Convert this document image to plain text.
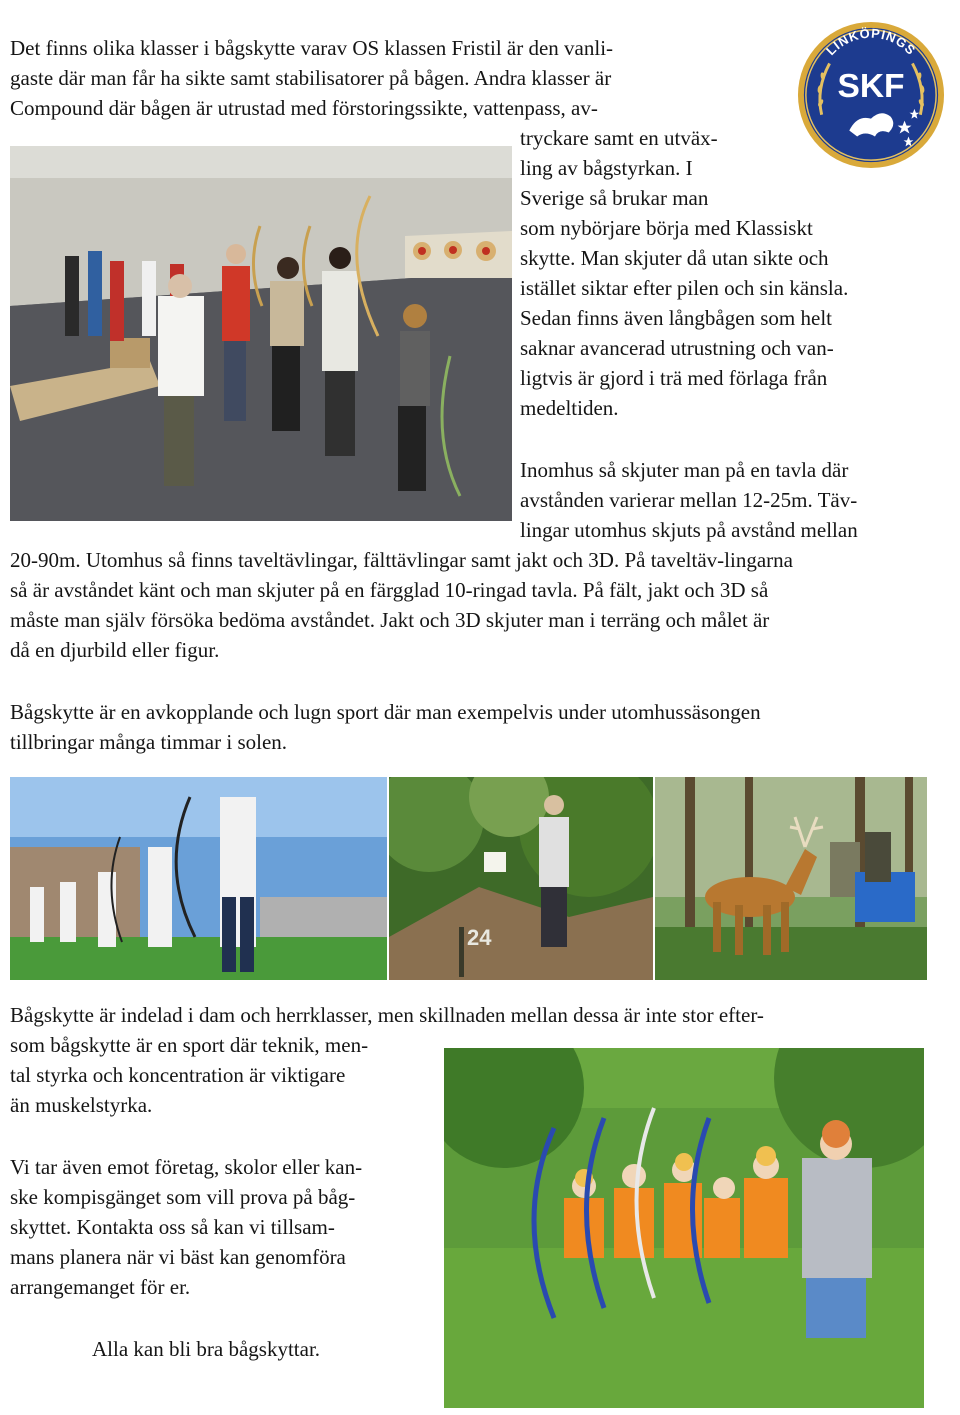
LINKÖPINGS
SKF
Det finns olika klasser i bågskytte varav OS klassen Fristil är den vanli-
gaste där man får ha sikte samt stabilisatorer på bågen. Andra klasser är
Compound där bågen är utrustad med förstoringssikte, vattenpass, av-
tryckare samt en utväx-
ling av bågstyrkan. I
Sverige så brukar man
som nybörjare börja med Klassiskt
skytte. Man skjuter då utan sikte och
istället siktar efter pilen och sin känsla.
Sedan finns även långbågen som helt
saknar avancerad utrustning och van-
ligtvis är gjord i trä med förlaga från
medeltiden.
Inomhus så skjuter man på en tavla där
avstånden varierar mellan 12-25m. Täv-
lingar utomhus skjuts på avstånd mellan
20-90m. Utomhus så finns taveltävlingar, fälttävlingar samt jakt och 3D. På taveltäv-lingarna
så är avståndet känt och man skjuter på en färgglad 10-ringad tavla. På fält, jakt och 3D så
måste man själv försöka bedöma avståndet. Jakt och 3D skjuter man i terräng och målet är
då en djurbild eller figur.
Bågskytte är en avkopplande och lugn sport där man exempelvis under utomhussäsongen
tillbringar många timmar i solen.
24
Bågskytte är indelad i dam och herrklasser, men skillnaden mellan dessa är inte stor efter-
som bågskytte är en sport där teknik, men-
tal styrka och koncentration är viktigare
än muskelstyrka.
Vi tar även emot företag, skolor eller kan-
ske kompisgänget som vill prova på båg-
skyttet. Kontakta oss så kan vi tillsam-
mans planera när vi bäst kan genomföra
arrangemanget för er.
Alla kan bli bra bågskyttar.
